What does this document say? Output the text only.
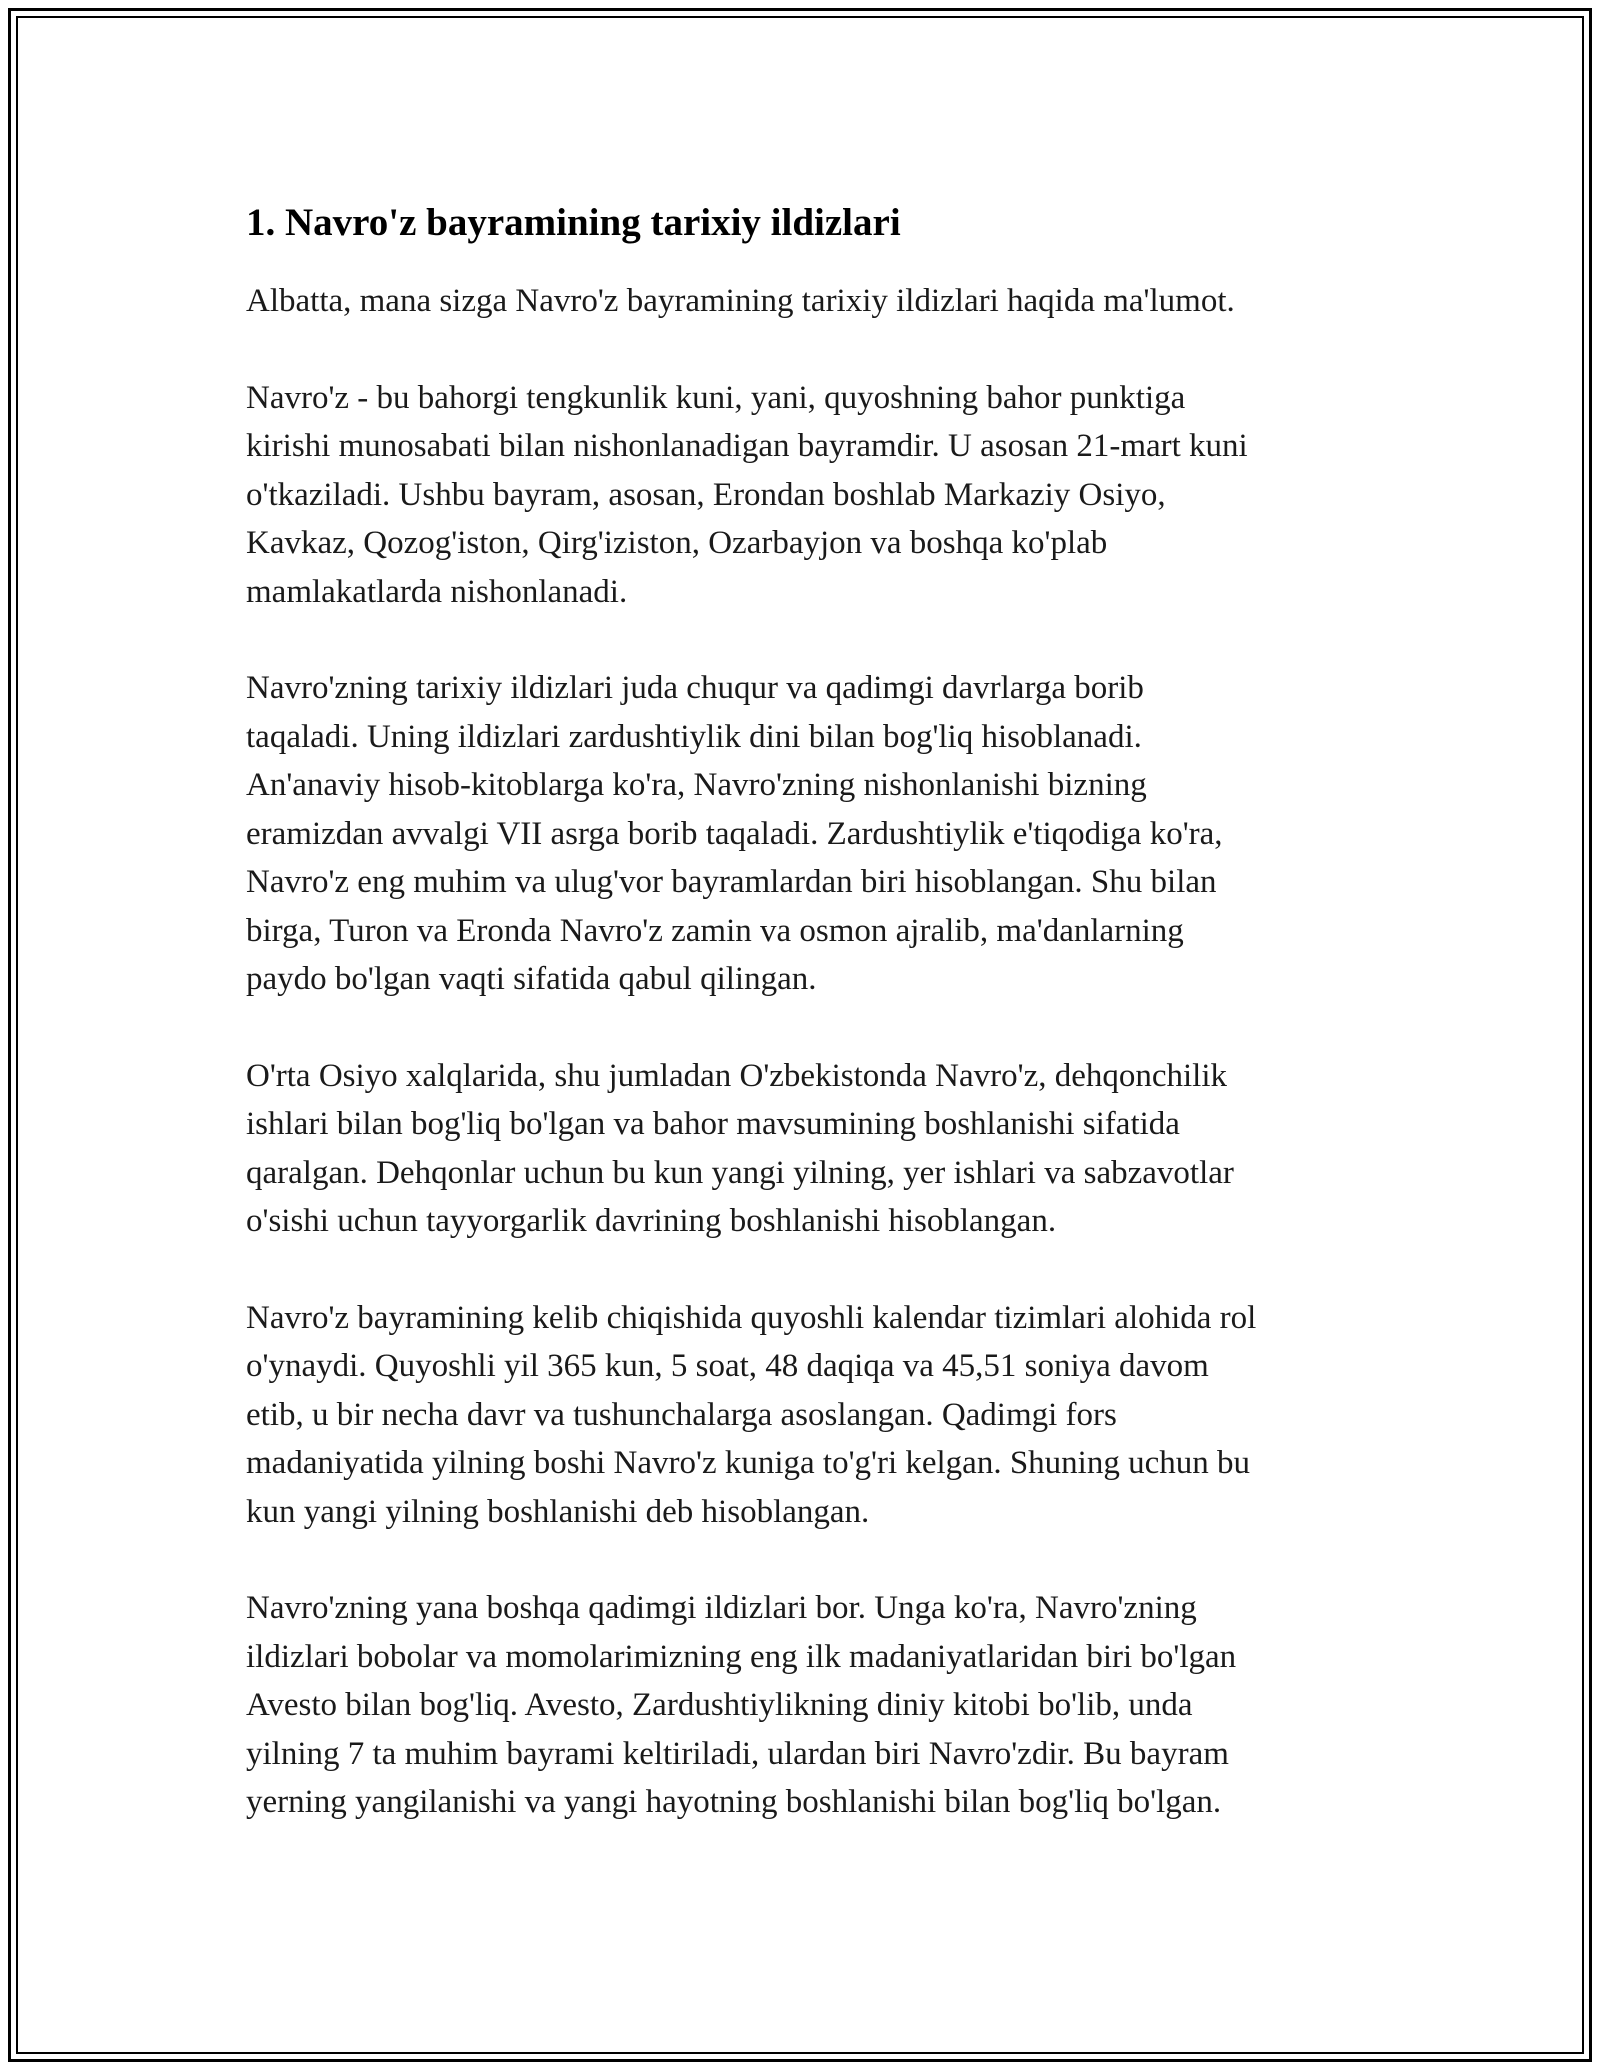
1. Navro'z bayramining tarixiy ildizlari

Albatta, mana sizga Navro'z bayramining tarixiy ildizlari haqida ma'lumot.

Navro'z - bu bahorgi tengkunlik kuni, yani, quyoshning bahor punktiga
kirishi munosabati bilan nishonlanadigan bayramdir. U asosan 21-mart kuni
o'tkaziladi. Ushbu bayram, asosan, Erondan boshlab Markaziy Osiyo,
Kavkaz, Qozog'iston, Qirg'iziston, Ozarbayjon va boshqa ko'plab
mamlakatlarda nishonlanadi.

Navro'zning tarixiy ildizlari juda chuqur va qadimgi davrlarga borib
taqaladi. Uning ildizlari zardushtiylik dini bilan bog'liq hisoblanadi.
An'anaviy hisob-kitoblarga ko'ra, Navro'zning nishonlanishi bizning
eramizdan avvalgi VII asrga borib taqaladi. Zardushtiylik e'tiqodiga ko'ra,
Navro'z eng muhim va ulug'vor bayramlardan biri hisoblangan. Shu bilan
birga, Turon va Eronda Navro'z zamin va osmon ajralib, ma'danlarning
paydo bo'lgan vaqti sifatida qabul qilingan.

O'rta Osiyo xalqlarida, shu jumladan O'zbekistonda Navro'z, dehqonchilik
ishlari bilan bog'liq bo'lgan va bahor mavsumining boshlanishi sifatida
qaralgan. Dehqonlar uchun bu kun yangi yilning, yer ishlari va sabzavotlar
o'sishi uchun tayyorgarlik davrining boshlanishi hisoblangan.

Navro'z bayramining kelib chiqishida quyoshli kalendar tizimlari alohida rol
o'ynaydi. Quyoshli yil 365 kun, 5 soat, 48 daqiqa va 45,51 soniya davom
etib, u bir necha davr va tushunchalarga asoslangan. Qadimgi fors
madaniyatida yilning boshi Navro'z kuniga to'g'ri kelgan. Shuning uchun bu
kun yangi yilning boshlanishi deb hisoblangan.

Navro'zning yana boshqa qadimgi ildizlari bor. Unga ko'ra, Navro'zning
ildizlari bobolar va momolarimizning eng ilk madaniyatlaridan biri bo'lgan
Avesto bilan bog'liq. Avesto, Zardushtiylikning diniy kitobi bo'lib, unda
yilning 7 ta muhim bayrami keltiriladi, ulardan biri Navro'zdir. Bu bayram
yerning yangilanishi va yangi hayotning boshlanishi bilan bog'liq bo'lgan.
